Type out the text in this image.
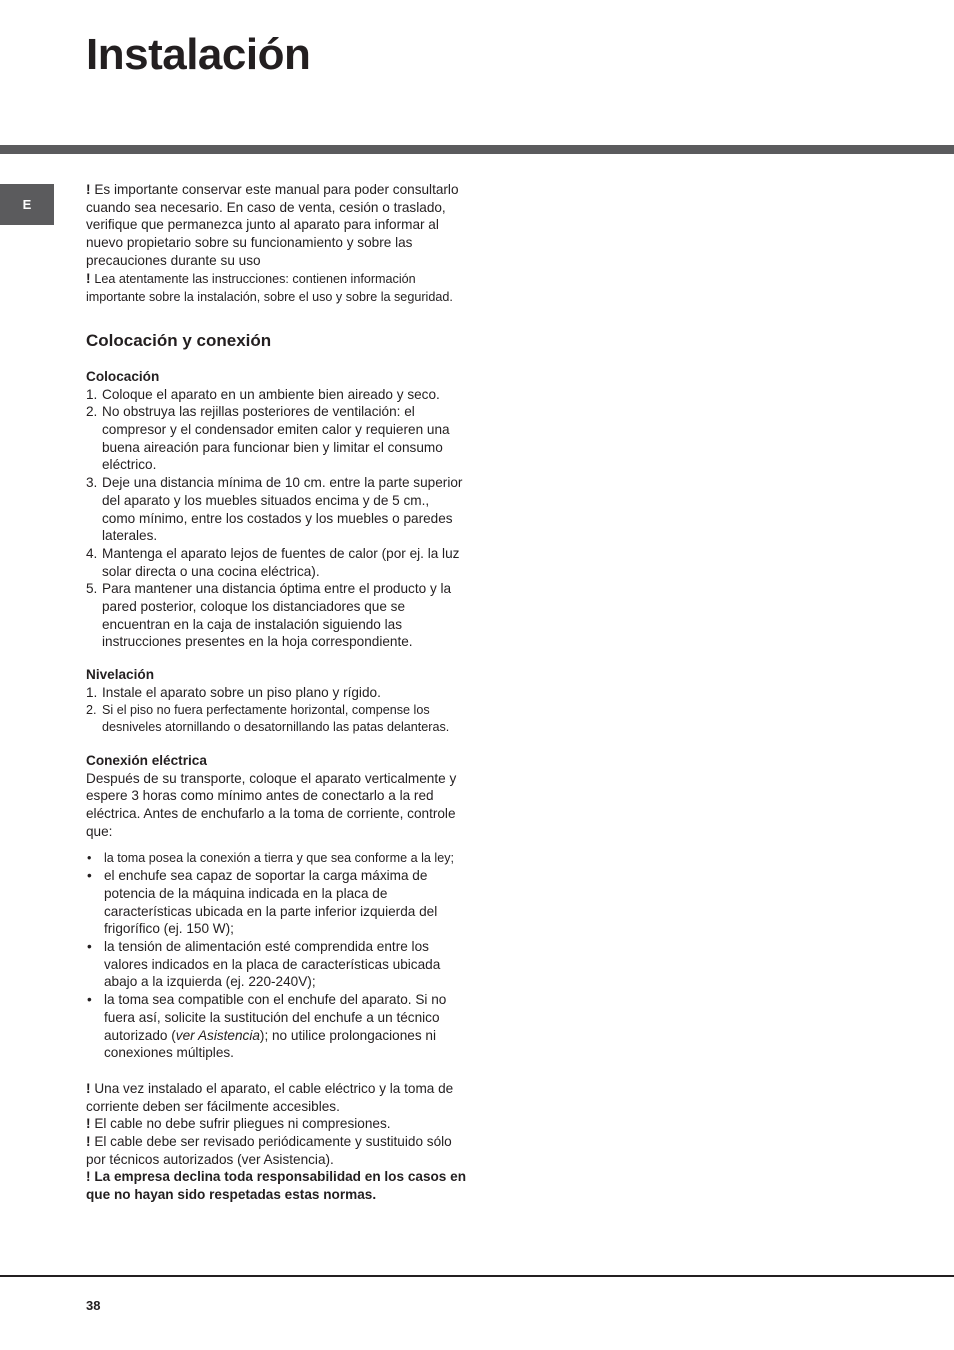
Instalación
E

! Es importante conservar este manual para poder consultarlo cuando sea necesario. En caso de venta, cesión o traslado, verifique que permanezca junto al aparato para informar al nuevo propietario sobre su funcionamiento y sobre las precauciones durante su uso

! Lea atentamente las instrucciones: contienen información importante sobre la instalación, sobre el uso y sobre la seguridad.

Colocación y conexión
Colocación
1. Coloque el aparato en un ambiente bien aireado y seco.
2. No obstruya las rejillas posteriores de ventilación: el compresor y el condensador emiten calor y requieren una buena aireación para funcionar bien y limitar el consumo eléctrico.
3. Deje una distancia mínima de 10 cm. entre la parte superior del aparato y los muebles situados encima y de 5 cm., como mínimo, entre los costados y los muebles o paredes laterales.
4. Mantenga el aparato lejos de fuentes de calor (por ej. la luz solar directa o una cocina eléctrica).
5. Para mantener una distancia óptima entre el producto y la pared posterior, coloque los distanciadores que se encuentran en la caja de instalación siguiendo las instrucciones presentes en la hoja correspondiente.
Nivelación
1. Instale el aparato sobre un piso plano y rígido.
2. Si el piso no fuera perfectamente horizontal, compense los desniveles atornillando o desatornillando las patas delanteras.
Conexión eléctrica

Después de su transporte, coloque el aparato verticalmente y espere 3 horas como mínimo antes de conectarlo a la red eléctrica. Antes de enchufarlo a la toma de corriente, controle que:

• la toma posea la conexión a tierra y que sea conforme a la ley;
• el enchufe sea capaz de soportar la carga máxima de potencia de la máquina indicada en la placa de características ubicada en la parte inferior izquierda del frigorífico (ej. 150 W);
• la tensión de alimentación esté comprendida entre los valores indicados en la placa de características ubicada abajo a la izquierda (ej. 220-240V);
• la toma sea compatible con el enchufe del aparato. Si no fuera así, solicite la sustitución del enchufe a un técnico autorizado (ver Asistencia); no utilice prolongaciones ni conexiones múltiples.

! Una vez instalado el aparato, el cable eléctrico y la toma de corriente deben ser fácilmente accesibles.

! El cable no debe sufrir pliegues ni compresiones.

! El cable debe ser revisado periódicamente y sustituido sólo por técnicos autorizados (ver Asistencia).

! La empresa declina toda responsabilidad en los casos en que no hayan sido respetadas estas normas.

38
